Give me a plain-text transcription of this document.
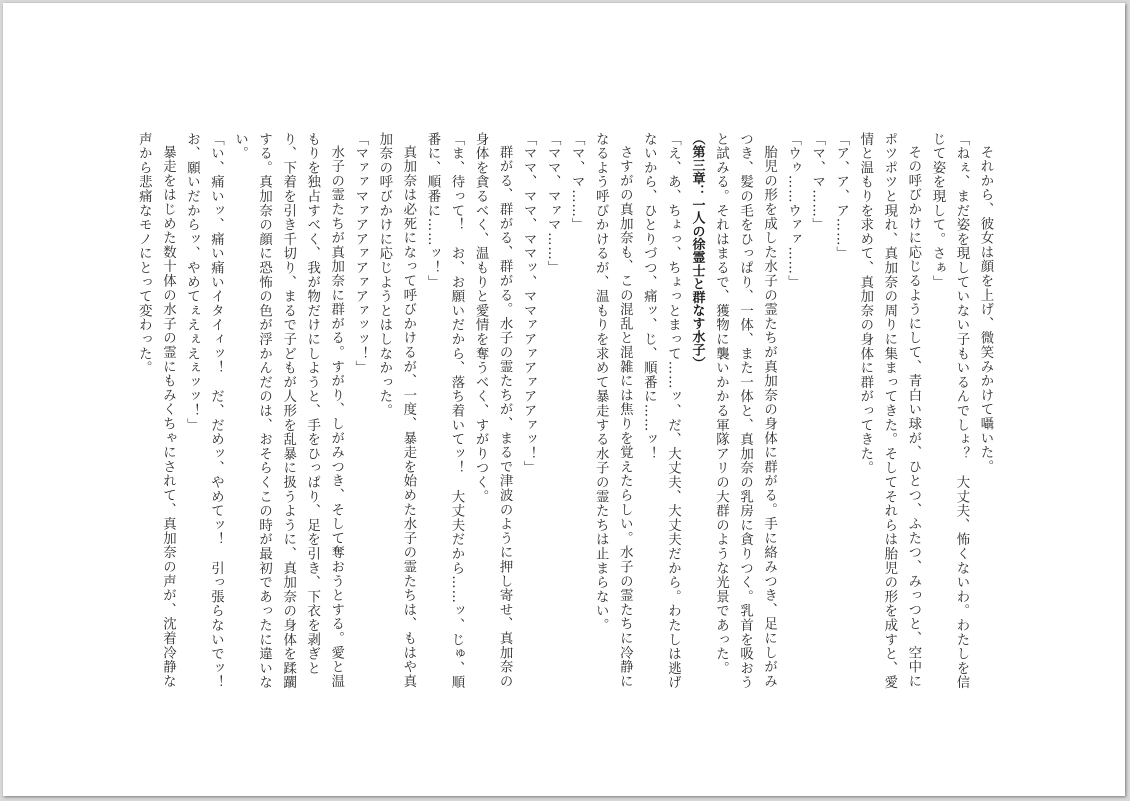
それから、彼女は顔を上げ、微笑みかけて囁いた。

「ねぇ、まだ姿を現していない子もいるんでしょ？　大丈夫、怖くないわ。わたしを信じて姿を現して。さぁ」

その呼びかけに応じるようにして、青白い球が、ひとつ、ふたつ、みっつと、空中にポツポツと現れ、真加奈の周りに集まってきた。そしてそれらは胎児の形を成すと、愛情と温もりを求めて、真加奈の身体に群がってきた。

「ア、ア、ア……」

「マ、マ……」

「ウゥ……ウァァ……」

胎児の形を成した水子の霊たちが真加奈の身体に群がる。手に絡みつき、足にしがみつき、髪の毛をひっぱり、一体、また一体と、真加奈の乳房に貪りつく。乳首を吸おうと試みる。それはまるで、獲物に襲いかかる軍隊アリの大群のような光景であった。

（第三章：一人の徐霊士と群なす水子）

「え、あ、ちょっ、ちょっとまって……ッ、だ、大丈夫、大丈夫だから。わたしは逃げないから、ひとりづつ、痛ッ、じ、順番に……ッ！

さすがの真加奈も、この混乱と混雑には焦りを覚えたらしい。水子の霊たちに冷静になるよう呼びかけるが、温もりを求めて暴走する水子の霊たちは止まらない。

「マ、マ……」

「ママ、マァマ……」

「ママ、ママ、ママッ、ママァアァアァアアァッ！」

群がる、群がる、群がる。水子の霊たちが、まるで津波のように押し寄せ、真加奈の身体を貪るべく、温もりと愛情を奪うべく、すがりつく。

「ま、待って！　お、お願いだから、落ち着いてッ！　大丈夫だから……ッ、じゅ、順番に、順番に……ッ！」

真加奈は必死になって呼びかけるが、一度、暴走を始めた水子の霊たちは、もはや真加奈の呼びかけに応じようとはしなかった。

「マァァマァアアァアァアァッッ！」

水子の霊たちが真加奈に群がる。すがり、しがみつき、そして奪おうとする。愛と温もりを独占すべく、我が物だけにしようと、手をひっぱり、足を引き、下衣を剥ぎとり、下着を引き千切り、まるで子どもが人形を乱暴に扱うように、真加奈の身体を蹂躙する。真加奈の顔に恐怖の色が浮かんだのは、おそらくこの時が最初であったに違いない。

「い、痛いッ、痛い痛いイタイィッ！　だ、だめッ、やめてッ！　引っ張らないでッ！　お、願いだからッ、やめてぇえぇえぇッッ！」

暴走をはじめた数十体の水子の霊にもみくちゃにされて、真加奈の声が、沈着冷静な声から悲痛なモノにとって変わった。
